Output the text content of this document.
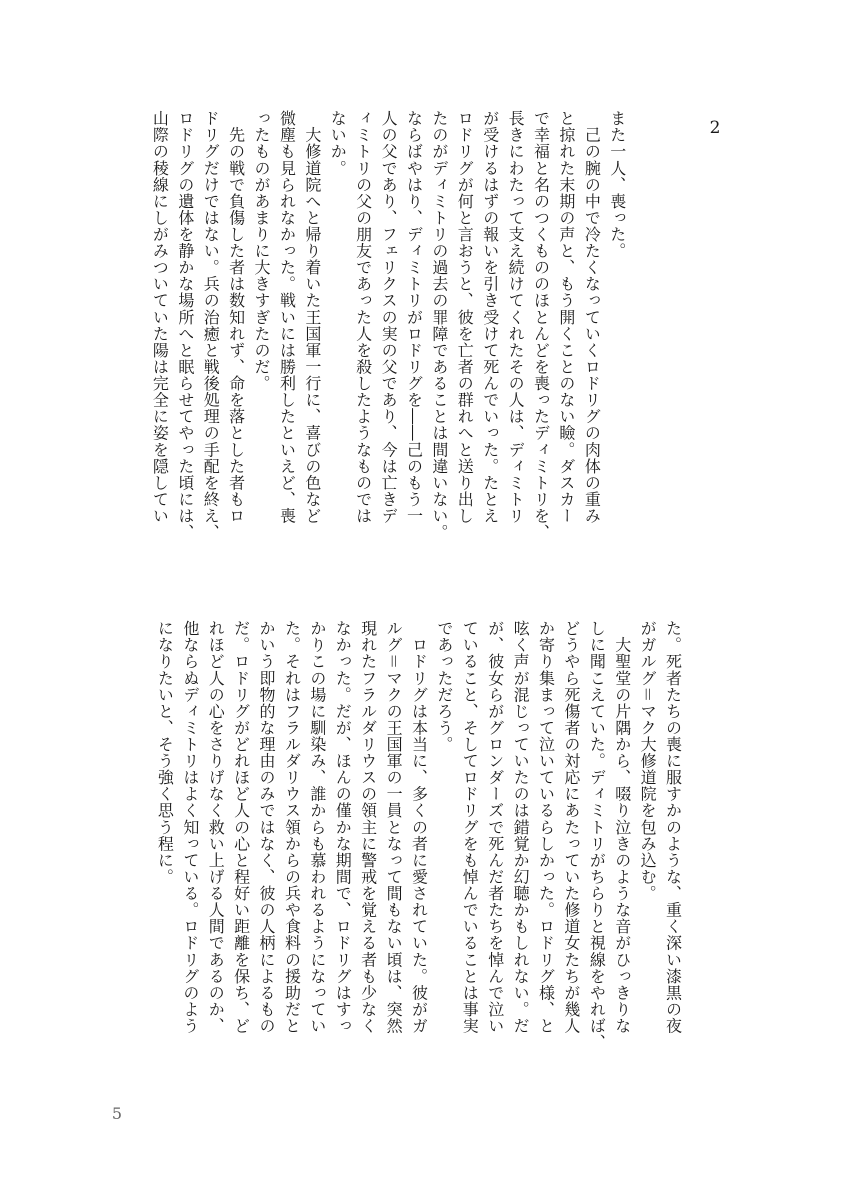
2
また一人、喪った。
　己の腕の中で冷たくなっていくロドリグの肉体の重み
と掠れた末期の声と、もう開くことのない瞼。ダスカー
で幸福と名のつくもののほとんどを喪ったディミトリを、
長きにわたって支え続けてくれたその人は、ディミトリ
が受けるはずの報いを引き受けて死んでいった。たとえ
ロドリグが何と言おうと、彼を亡者の群れへと送り出し
たのがディミトリの過去の罪障であることは間違いない。
ならばやはり、ディミトリがロドリグを――己のもう一
人の父であり、フェリクスの実の父であり、今は亡きデ
ィミトリの父の朋友であった人を殺したようなものでは
ないか。
　大修道院へと帰り着いた王国軍一行に、喜びの色など
微塵も見られなかった。戦いには勝利したといえど、喪
ったものがあまりに大きすぎたのだ。
　先の戦で負傷した者は数知れず、命を落とした者もロ
ドリグだけではない。兵の治癒と戦後処理の手配を終え、
ロドリグの遺体を静かな場所へと眠らせてやった頃には、
山際の稜線にしがみついていた陽は完全に姿を隠してい
た。死者たちの喪に服すかのような、重く深い漆黒の夜
がガルグ＝マク大修道院を包み込む。
　大聖堂の片隅から、啜り泣きのような音がひっきりな
しに聞こえていた。ディミトリがちらりと視線をやれば、
どうやら死傷者の対応にあたっていた修道女たちが幾人
か寄り集まって泣いているらしかった。ロドリグ様、と
呟く声が混じっていたのは錯覚か幻聴かもしれない。だ
が、彼女らがグロンダーズで死んだ者たちを悼んで泣い
ていること、そしてロドリグをも悼んでいることは事実
であっただろう。
　ロドリグは本当に、多くの者に愛されていた。彼がガ
ルグ＝マクの王国軍の一員となって間もない頃は、突然
現れたフラルダリウスの領主に警戒を覚える者も少なく
なかった。だが、ほんの僅かな期間で、ロドリグはすっ
かりこの場に馴染み、誰からも慕われるようになってい
た。それはフラルダリウス領からの兵や食料の援助だと
かいう即物的な理由のみではなく、彼の人柄によるもの
だ。ロドリグがどれほど人の心と程好い距離を保ち、ど
れほど人の心をさりげなく救い上げる人間であるのか、
他ならぬディミトリはよく知っている。ロドリグのよう
になりたいと、そう強く思う程に。
5
